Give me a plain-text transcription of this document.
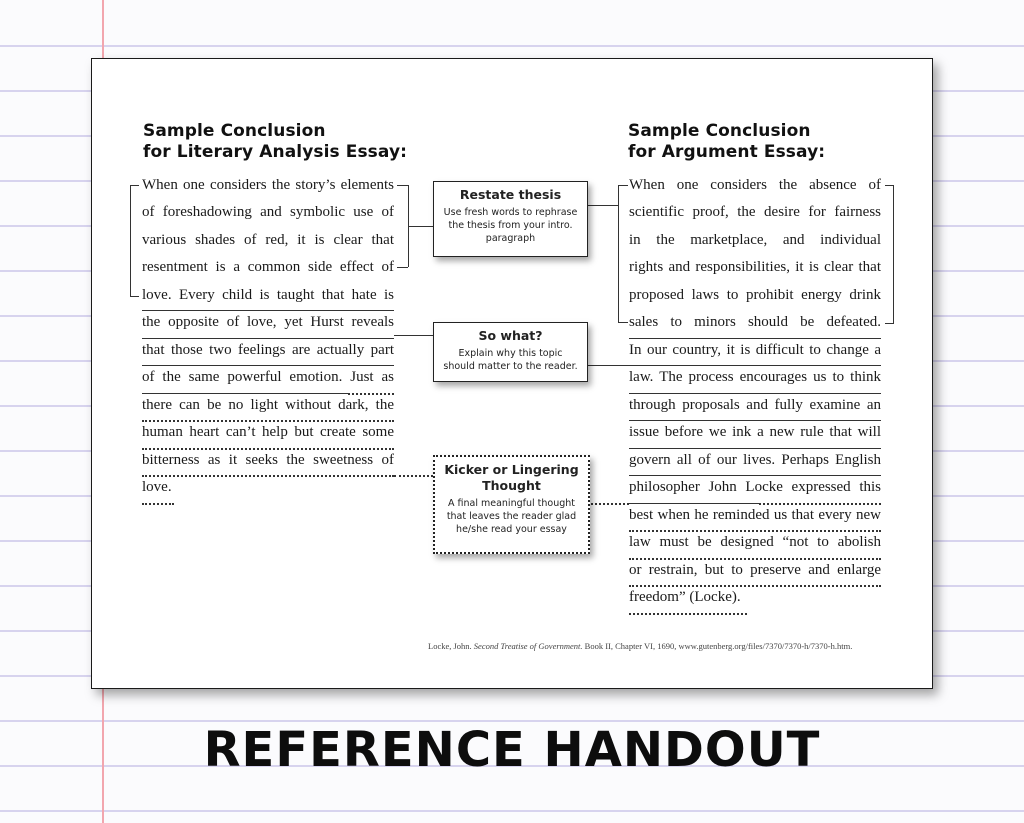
Sample Conclusion
for Literary Analysis Essay:
Sample Conclusion
for Argument Essay:
When one considers the story’s elements
of foreshadowing and symbolic use of
various shades of red, it is clear that
resentment is a common side effect of
love. Every child is taught that hate is
the opposite of love, yet Hurst reveals
that those two feelings are actually part
of the same powerful emotion. Just as
there can be no light without dark, the
human heart can’t help but create some
bitterness as it seeks the sweetness of
love.
When one considers the absence of
scientific proof, the desire for fairness
in the marketplace, and individual
rights and responsibilities, it is clear that
proposed laws to prohibit energy drink
sales to minors should be defeated.
In our country, it is difficult to change a
law. The process encourages us to think
through proposals and fully examine an
issue before we ink a new rule that will
govern all of our lives. Perhaps English
philosopher John Locke expressed this
best when he reminded us that every new
law must be designed “not to abolish
or restrain, but to preserve and enlarge
freedom” (Locke).
Restate thesis
Use fresh words to rephrase the thesis from your intro. paragraph
So what?
Explain why this topic should matter to the reader.
Kicker or Lingering Thought
A final meaningful thought that leaves the reader glad he/she read your essay
Locke, John. Second Treatise of Government. Book II, Chapter VI, 1690, www.gutenberg.org/files/7370/7370-h/7370-h.htm.
REFERENCE HANDOUT
